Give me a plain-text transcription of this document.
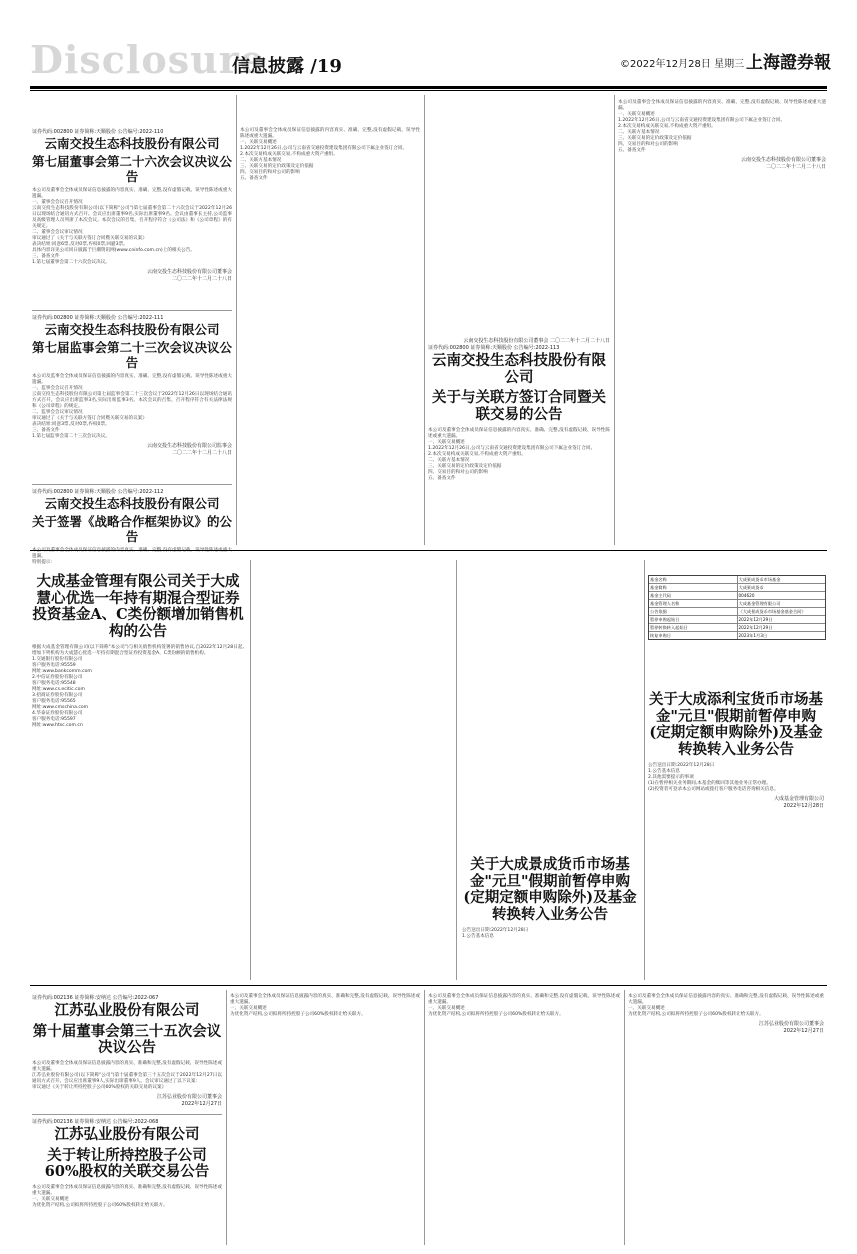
Disclosure
信息披露 /19	©2022年12月28日 星期三 上海證券報
证券代码:002800 证券简称:天顺股份 公告编号:2022-110
云南交投生态科技股份有限公司
第七届董事会第二十六次会议决议公告
本公司及董事会全体成员保证信息披露的内容真实、准确、完整,没有虚假记载、误导性陈述或重大遗漏。
一、董事会会议召开情况
云南交投生态科技股份有限公司(以下简称"公司")第七届董事会第二十六次会议于2022年12月26日以现场结合通讯方式召开。会议应出席董事9名,实际出席董事9名。会议由董事长主持,公司监事及高级管理人员列席了本次会议。本次会议的召集、召开程序符合《公司法》和《公司章程》的有关规定。
二、董事会会议审议情况
审议通过了《关于与关联方签订合同暨关联交易的议案》
表决结果:同意6票,反对0票,弃权0票,回避3票。
具体内容详见公司同日披露于巨潮资讯网(www.cninfo.com.cn)上的相关公告。
三、备查文件
1.第七届董事会第二十六次会议决议。
云南交投生态科技股份有限公司董事会
二〇二二年十二月二十八日
证券代码:002800 证券简称:天顺股份 公告编号:2022-111
云南交投生态科技股份有限公司
第七届监事会第二十三次会议决议公告
本公司及监事会全体成员保证信息披露的内容真实、准确、完整,没有虚假记载、误导性陈述或重大遗漏。
一、监事会会议召开情况
云南交投生态科技股份有限公司第七届监事会第二十三次会议于2022年12月26日以现场结合通讯方式召开。会议应出席监事3名,实际出席监事3名。本次会议的召集、召开程序符合有关法律法规和《公司章程》的规定。
二、监事会会议审议情况
审议通过了《关于与关联方签订合同暨关联交易的议案》
表决结果:同意3票,反对0票,弃权0票。
三、备查文件
1.第七届监事会第二十三次会议决议。
云南交投生态科技股份有限公司监事会
二〇二二年十二月二十八日
证券代码:002800 证券简称:天顺股份 公告编号:2022-112
云南交投生态科技股份有限公司
关于签署《战略合作框架协议》的公告
遗漏。
特别提示:
本公司及董事会全体成员保证信息披露的内容真实、准确、完整,没有虚假记载、误导性陈述或重大遗漏。
一、关联交易概述
1.2022年12月26日,公司与云南省交通投资建设集团有限公司下属企业签订合同。
2.本次交易构成关联交易,不构成重大资产重组。
二、关联方基本情况
三、关联交易的定价政策及定价依据
四、交易目的和对公司的影响
五、备查文件
云南交投生态科技股份有限公司董事会 二〇二二年十二月二十八日
证券代码:002800 证券简称:天顺股份 公告编号:2022-113
云南交投生态科技股份有限公司
关于与关联方签订合同暨关联交易的公告
本公司及董事会全体成员保证信息披露的内容真实、准确、完整,没有虚假记载、误导性陈述或重大遗漏。
一、关联交易概述
1.2022年12月26日,公司与云南省交通投资建设集团有限公司下属企业签订合同。
2.本次交易构成关联交易,不构成重大资产重组。
二、关联方基本情况
三、关联交易的定价政策及定价依据
四、交易目的和对公司的影响
五、备查文件
本公司及董事会全体成员保证信息披露的内容真实、准确、完整,没有虚假记载、误导性陈述或重大遗漏。
一、关联交易概述
1.2022年12月26日,公司与云南省交通投资建设集团有限公司下属企业签订合同。
2.本次交易构成关联交易,不构成重大资产重组。
二、关联方基本情况
三、关联交易的定价政策及定价依据
四、交易目的和对公司的影响
五、备查文件
云南交投生态科技股份有限公司董事会
二〇二二年十二月二十八日
大成基金管理有限公司关于大成慧心优选一年持有期混合型证券投资基金A、C类份额增加销售机构的公告
根据大成基金管理有限公司(以下简称"本公司")与相关销售机构签署的销售协议,自2022年12月28日起,增加下列机构为大成慧心优选一年持有期混合型证券投资基金A、C类份额的销售机构。
1.交通银行股份有限公司
客户服务电话:95559
网址:www.bankcomm.com
2.中信证券股份有限公司
客户服务电话:95548
网址:www.cs.ecitic.com
3.招商证券股份有限公司
客户服务电话:95565
网址:www.cmschina.com
4.华泰证券股份有限公司
客户服务电话:95597
网址:www.htsc.com.cn
关于大成景成货币市场基金"元旦"假期前暂停申购(定期定额申购除外)及基金转换转入业务公告
公告送出日期:2022年12月28日
1.公告基本信息
基金名称	大成景成货币市场基金
基金简称	大成景成货币
基金主代码	004620
基金管理人名称	大成基金管理有限公司
公告依据	《大成景成货币市场基金基金合同》
暂停申购起始日	2022年12月29日
暂停转换转入起始日	2022年12月29日
恢复申购日	2023年1月3日
关于大成添利宝货币市场基金"元旦"假期前暂停申购(定期定额申购除外)及基金转换转入业务公告
公告送出日期:2022年12月28日
1.公告基本信息
2.其他需要提示的事项
(1)在暂停相关业务期间,本基金的赎回等其他业务正常办理。
(2)投资者可登录本公司网站或拨打客户服务电话咨询相关信息。
大成基金管理有限公司
2022年12月28日
证券代码:002136 证券简称:安纳达 公告编号:2022-067
江苏弘业股份有限公司
第十届董事会第三十五次会议决议公告
本公司及董事会全体成员保证信息披露内容的真实、准确和完整,没有虚假记载、误导性陈述或重大遗漏。
江苏弘业股份有限公司(以下简称"公司")第十届董事会第三十五次会议于2022年12月27日以通讯方式召开。会议应出席董事9人,实际出席董事9人。会议审议通过了以下议案:
审议通过《关于转让所持控股子公司60%股权的关联交易的议案》
江苏弘业股份有限公司董事会
2022年12月27日
证券代码:002136 证券简称:安纳达 公告编号:2022-068
江苏弘业股份有限公司
关于转让所持控股子公司60%股权的关联交易公告
本公司及董事会全体成员保证信息披露内容的真实、准确和完整,没有虚假记载、误导性陈述或重大遗漏。
一、关联交易概述
为优化资产结构,公司拟将所持控股子公司60%股权转让给关联方。
本公司及董事会全体成员保证信息披露内容的真实、准确和完整,没有虚假记载、误导性陈述或重大遗漏。
一、关联交易概述
为优化资产结构,公司拟将所持控股子公司60%股权转让给关联方。
本公司及董事会全体成员保证信息披露内容的真实、准确和完整,没有虚假记载、误导性陈述或重大遗漏。
一、关联交易概述
为优化资产结构,公司拟将所持控股子公司60%股权转让给关联方。
本公司及董事会全体成员保证信息披露内容的真实、准确和完整,没有虚假记载、误导性陈述或重大遗漏。
一、关联交易概述
为优化资产结构,公司拟将所持控股子公司60%股权转让给关联方。
江苏弘业股份有限公司董事会
2022年12月27日
